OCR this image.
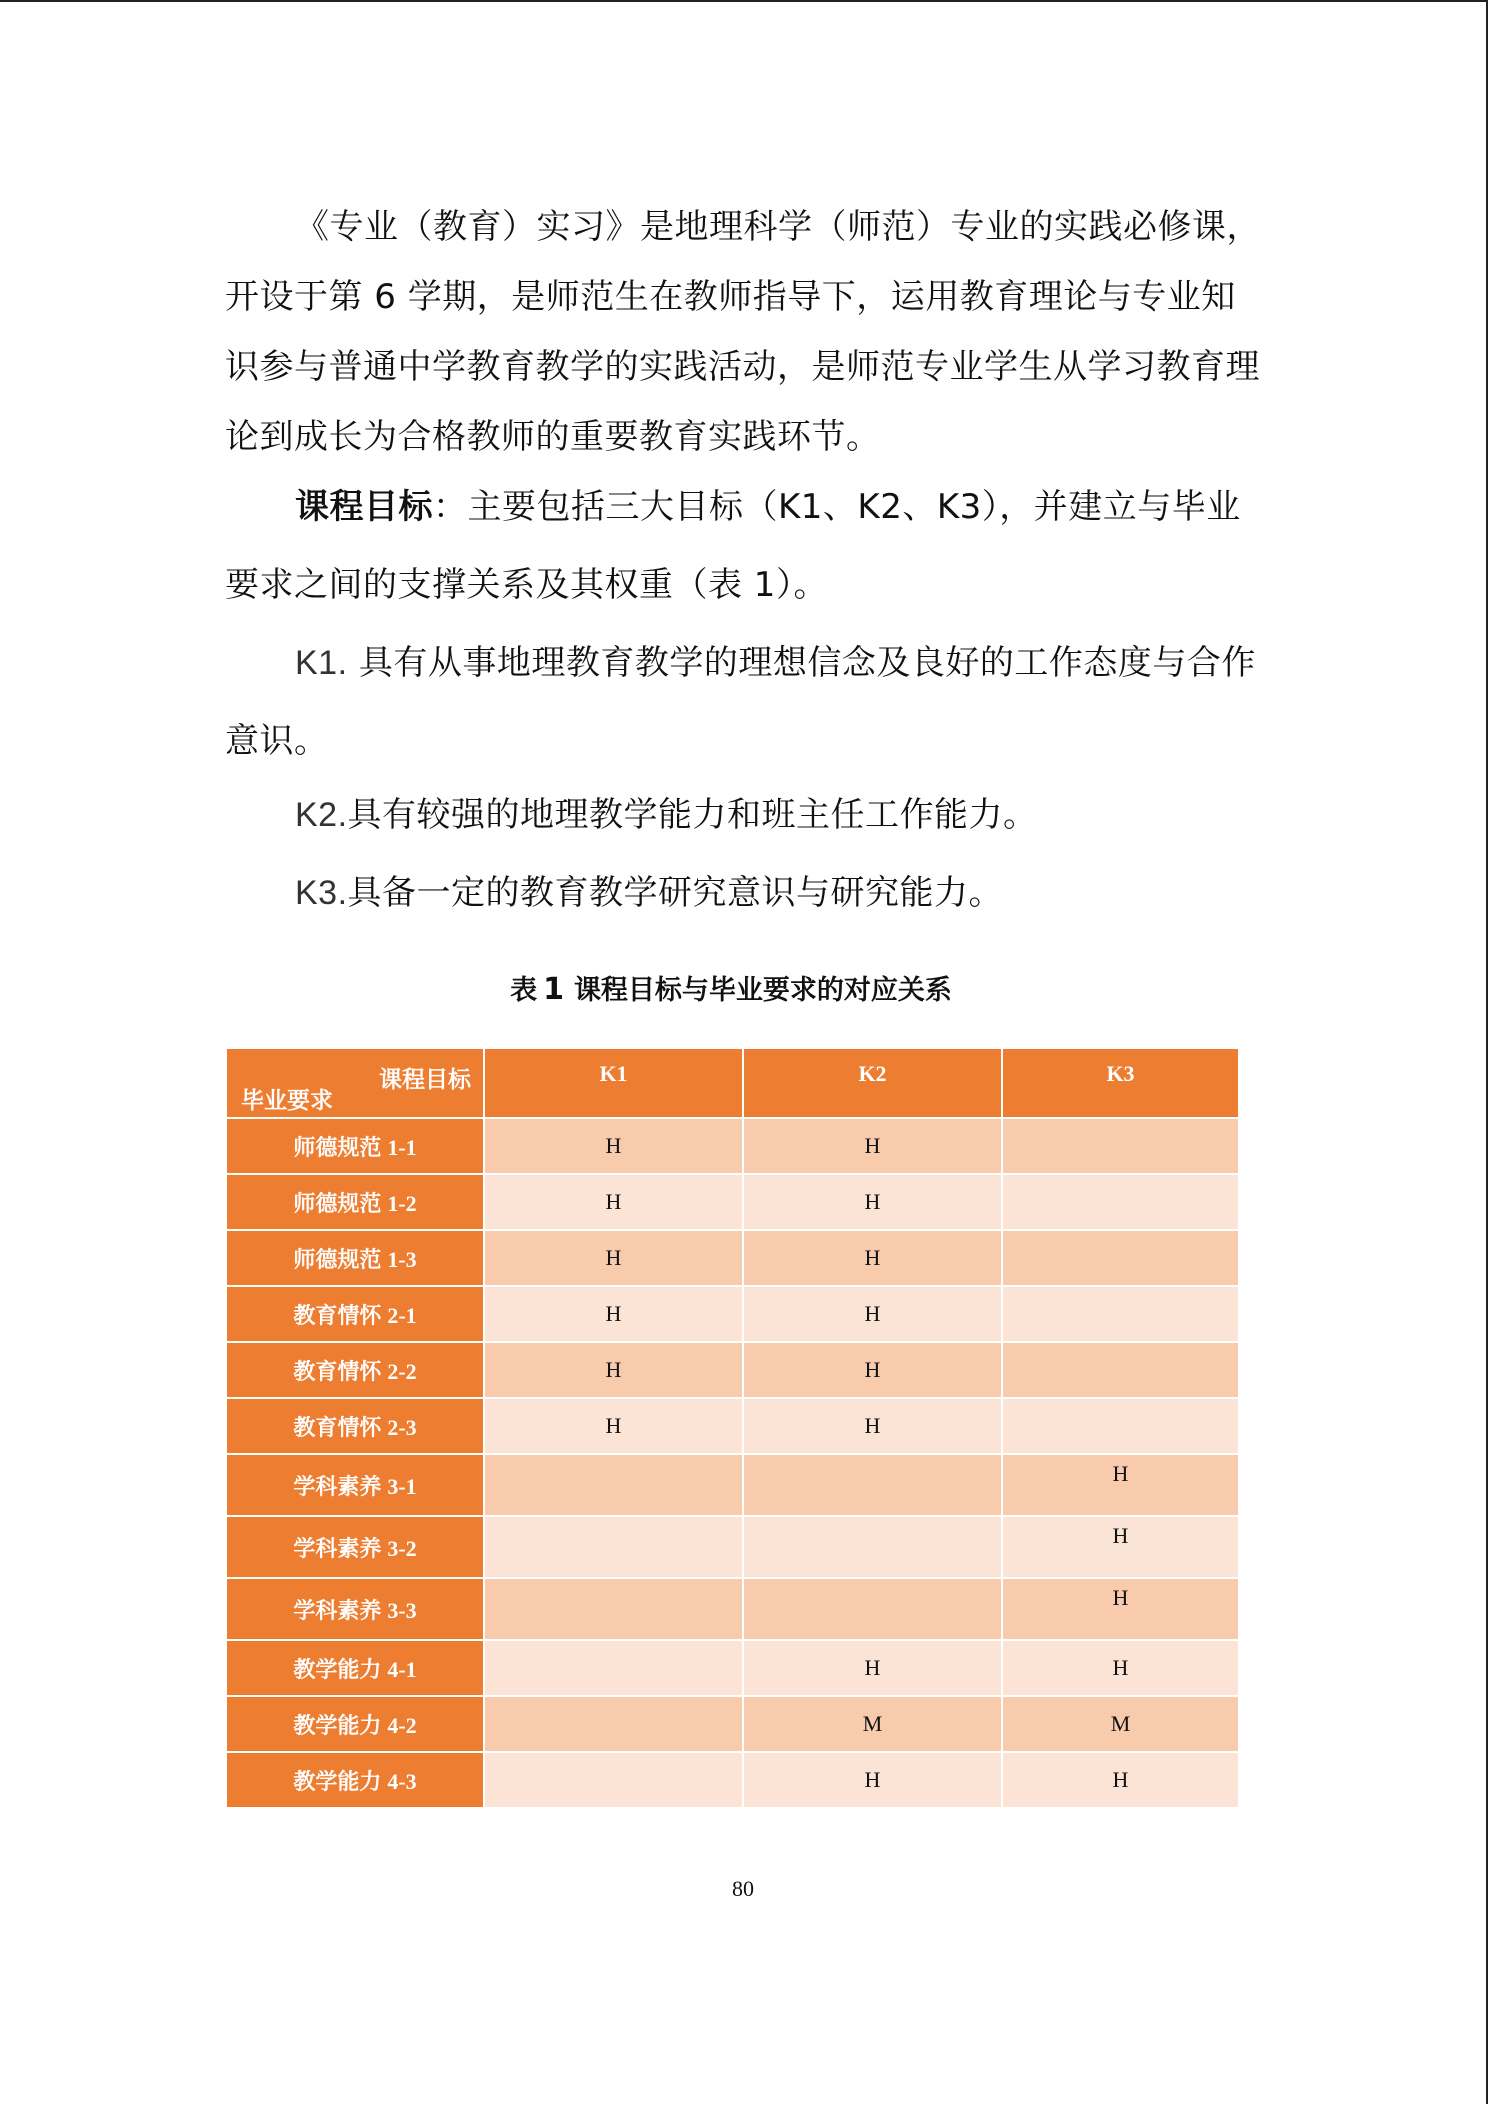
《专业（教育）实习》是地理科学（师范）专业的实践必修课，开设于第 6 学期，是师范生在教师指导下，运用教育理论与专业知识参与普通中学教育教学的实践活动，是师范专业学生从学习教育理论到成长为合格教师的重要教育实践环节。

课程目标：主要包括三大目标（K1、K2、K3），并建立与毕业要求之间的支撑关系及其权重（表 1）。

K1. 具有从事地理教育教学的理想信念及良好的工作态度与合作意识。

K2.具有较强的地理教学能力和班主任工作能力。

K3.具备一定的教育教学研究意识与研究能力。

表 1 课程目标与毕业要求的对应关系
课程目标
毕业要求	K1	K2	K3
师德规范 1-1	H	H	
师德规范 1-2	H	H	
师德规范 1-3	H	H	
教育情怀 2-1	H	H	
教育情怀 2-2	H	H	
教育情怀 2-3	H	H	
学科素养 3-1			H
学科素养 3-2			H
学科素养 3-3			H
教学能力 4-1		H	H
教学能力 4-2		M	M
教学能力 4-3		H	H
80
